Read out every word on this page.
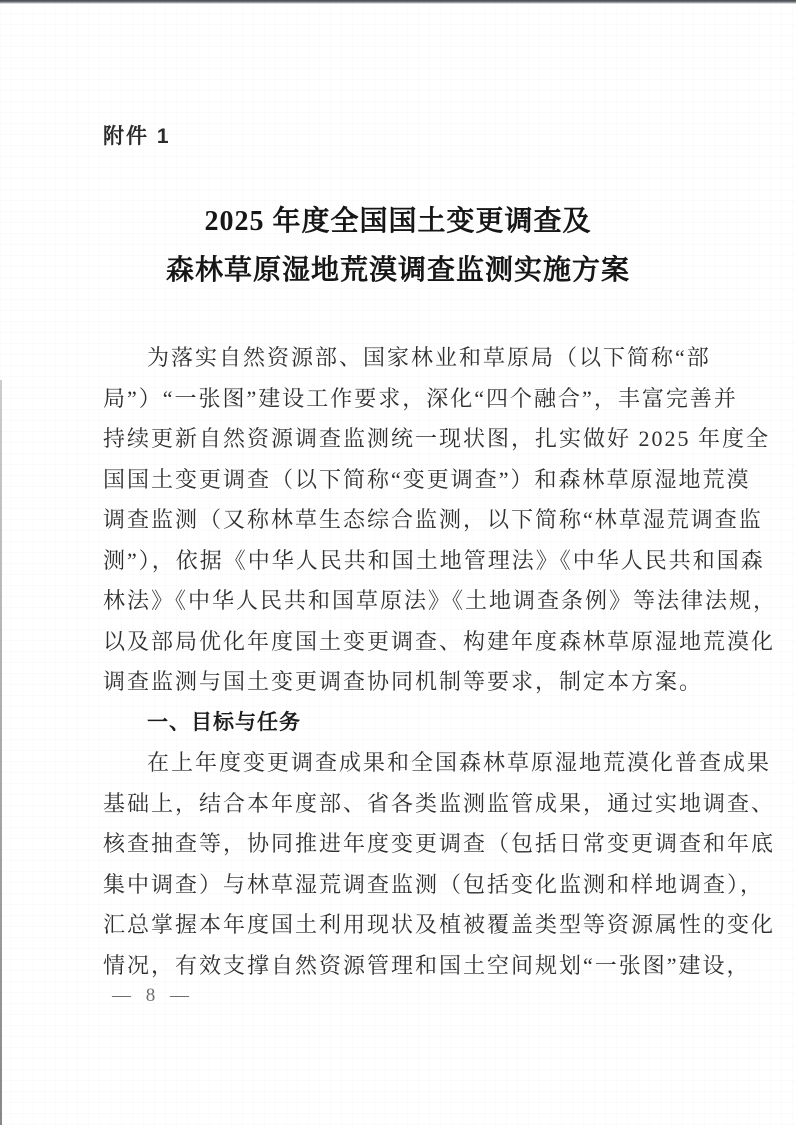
附件 1
2025 年度全国国土变更调查及
森林草原湿地荒漠调查监测实施方案
为落实自然资源部、国家林业和草原局（以下简称“部
局”）“一张图”建设工作要求，深化“四个融合”，丰富完善并
持续更新自然资源调查监测统一现状图，扎实做好 2025 年度全
国国土变更调查（以下简称“变更调查”）和森林草原湿地荒漠
调查监测（又称林草生态综合监测，以下简称“林草湿荒调查监
测”），依据《中华人民共和国土地管理法》《中华人民共和国森
林法》《中华人民共和国草原法》《土地调查条例》等法律法规，
以及部局优化年度国土变更调查、构建年度森林草原湿地荒漠化
调查监测与国土变更调查协同机制等要求，制定本方案。
一、目标与任务
在上年度变更调查成果和全国森林草原湿地荒漠化普查成果
基础上，结合本年度部、省各类监测监管成果，通过实地调查、
核查抽查等，协同推进年度变更调查（包括日常变更调查和年底
集中调查）与林草湿荒调查监测（包括变化监测和样地调查），
汇总掌握本年度国土利用现状及植被覆盖类型等资源属性的变化
情况，有效支撑自然资源管理和国土空间规划“一张图”建设，
— 8 —
